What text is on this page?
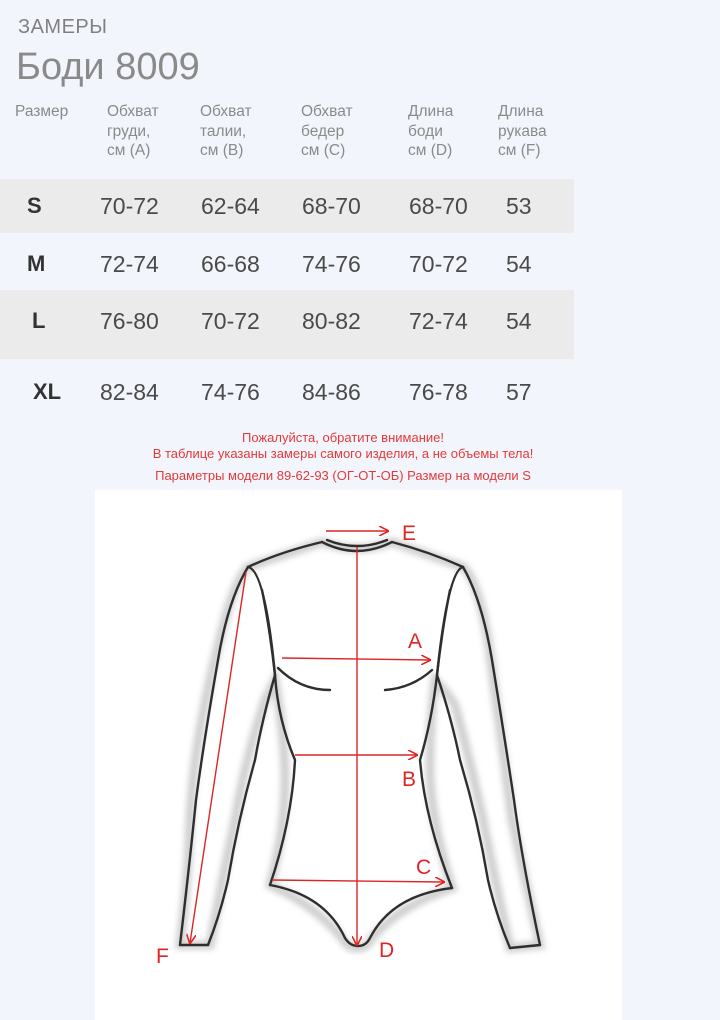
ЗАМЕРЫ
Боди 8009
Размер Обхват
груди,
см (A)
Обхват
талии,
см (B)
Обхват
бедер
см (C)
Длина
боди
см (D)
Длина
рукава
см (F)
S	70-72 62-64 68-70 68-70 53
M 72-74 66-68 74-76 70-72 54
L 76-80 70-72 80-82 72-74 54
XL 82-84 74-76 84-86 76-78 57
Пожалуйста, обратите внимание!
В таблице указаны замеры самого изделия, а не объемы тела!
Параметры модели 89-62-93 (ОГ-ОТ-ОБ) Размер на модели S
E
A
B
C
D
F
